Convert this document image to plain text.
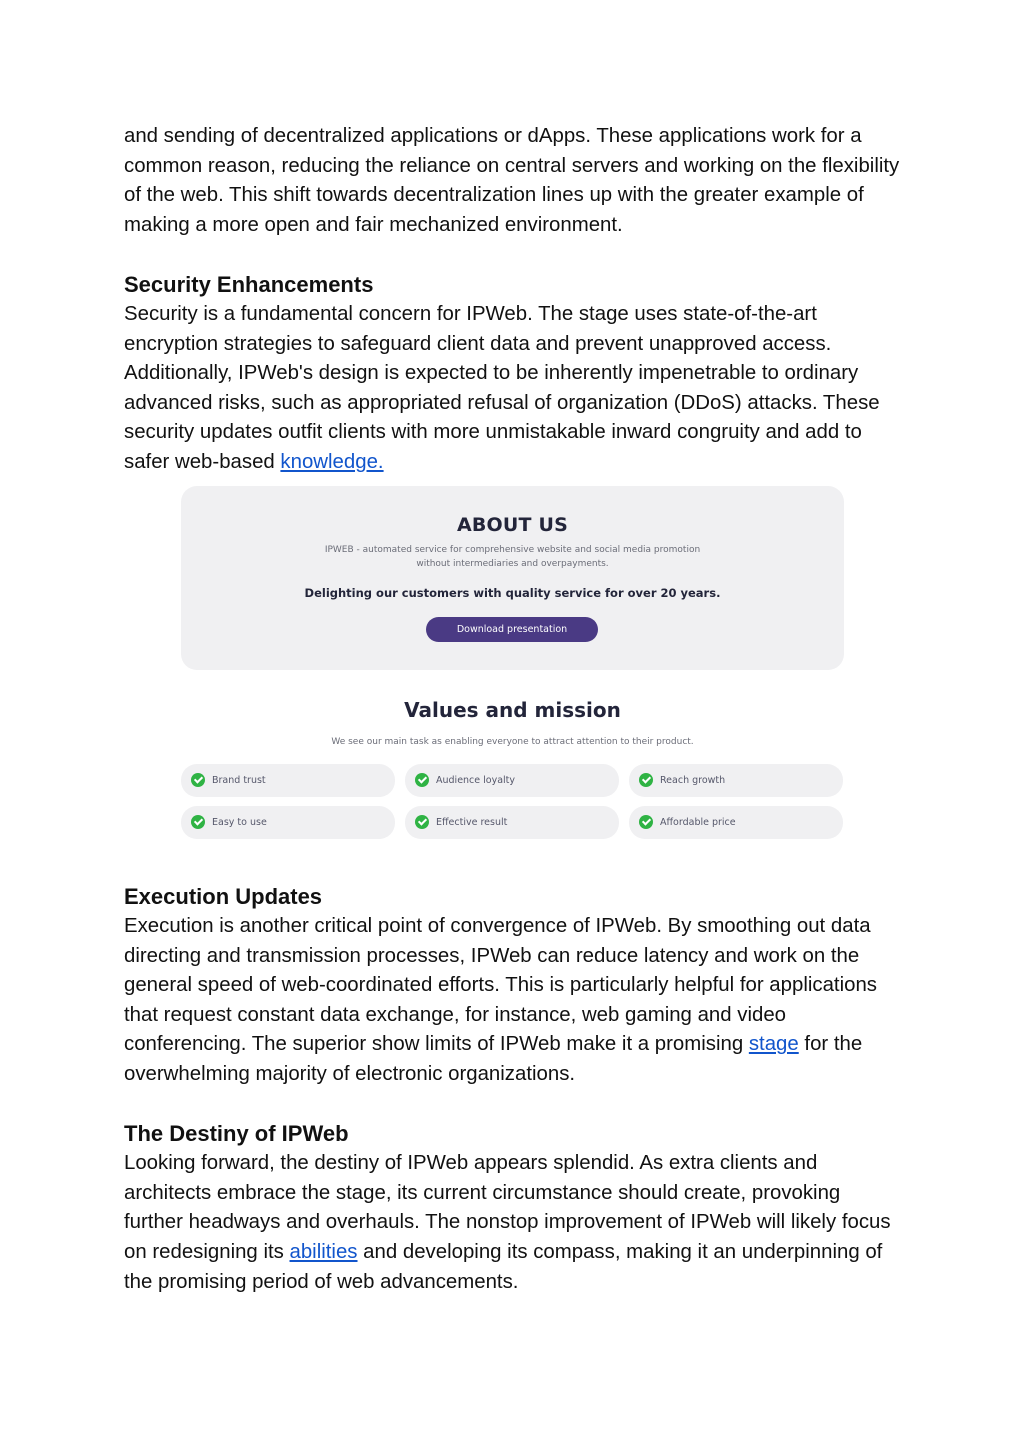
and sending of decentralized applications or dApps. These applications work for a common reason, reducing the reliance on central servers and working on the flexibility of the web. This shift towards decentralization lines up with the greater example of making a more open and fair mechanized environment.

Security Enhancements

Security is a fundamental concern for IPWeb. The stage uses state-of-the-art encryption strategies to safeguard client data and prevent unapproved access. Additionally, IPWeb's design is expected to be inherently impenetrable to ordinary advanced risks, such as appropriated refusal of organization (DDoS) attacks. These security updates outfit clients with more unmistakable inward congruity and add to safer web-based knowledge.

ABOUT US
IPWEB - automated service for comprehensive website and social media promotion
without intermediaries and overpayments.
Delighting our customers with quality service for over 20 years.
Download presentation
Values and mission
We see our main task as enabling everyone to attract attention to their product.
Brand trust	Audience loyalty	Reach growth
Easy to use	Effective result	Affordable price
Execution Updates

Execution is another critical point of convergence of IPWeb. By smoothing out data directing and transmission processes, IPWeb can reduce latency and work on the general speed of web-coordinated efforts. This is particularly helpful for applications that request constant data exchange, for instance, web gaming and video conferencing. The superior show limits of IPWeb make it a promising stage for the overwhelming majority of electronic organizations.

The Destiny of IPWeb

Looking forward, the destiny of IPWeb appears splendid. As extra clients and architects embrace the stage, its current circumstance should create, provoking further headways and overhauls. The nonstop improvement of IPWeb will likely focus on redesigning its abilities and developing its compass, making it an underpinning of the promising period of web advancements.
